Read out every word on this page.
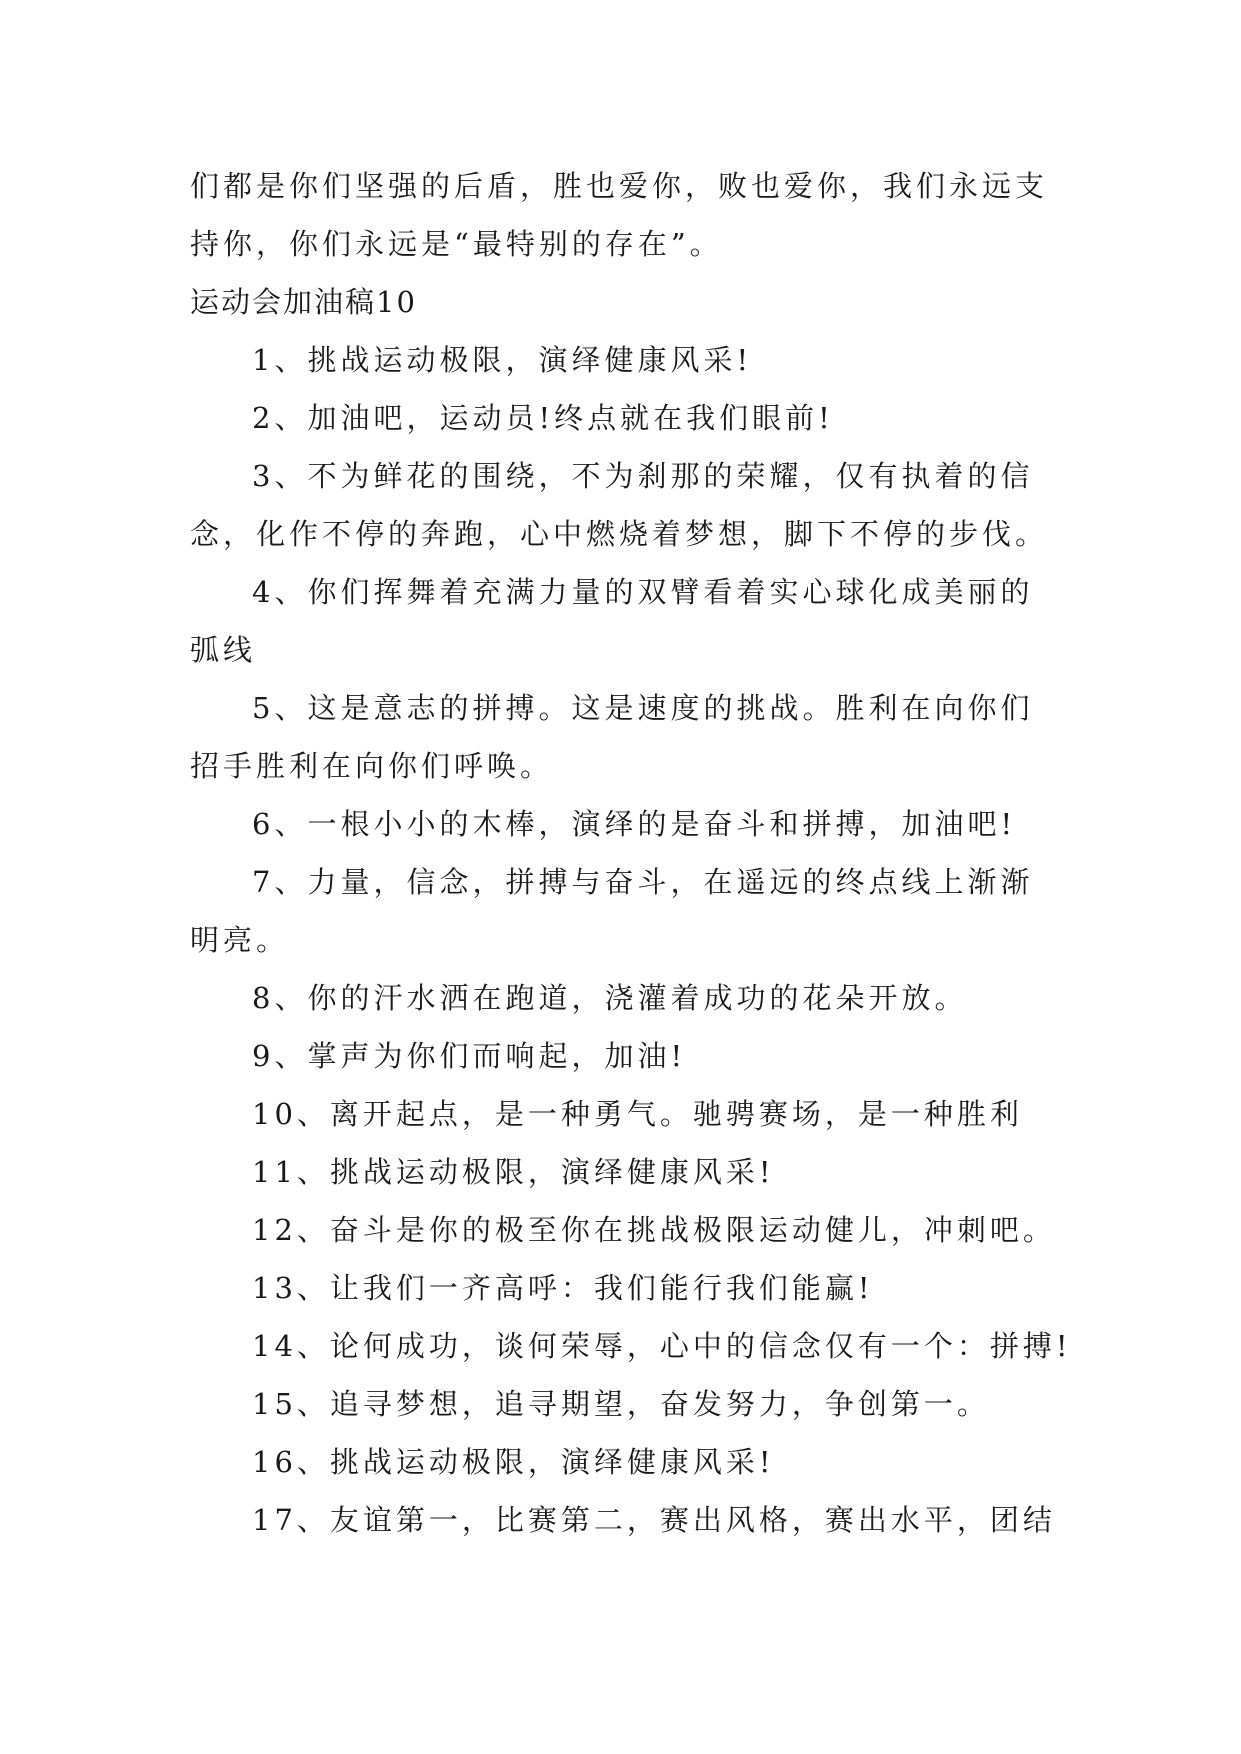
们都是你们坚强的后盾，胜也爱你，败也爱你，我们永远支
持你，你们永远是“最特别的存在”。
运动会加油稿10
1、挑战运动极限，演绎健康风采!
2、加油吧，运动员!终点就在我们眼前!
3、不为鲜花的围绕，不为刹那的荣耀，仅有执着的信
念，化作不停的奔跑，心中燃烧着梦想，脚下不停的步伐。
4、你们挥舞着充满力量的双臂看着实心球化成美丽的
弧线
5、这是意志的拼搏。这是速度的挑战。胜利在向你们
招手胜利在向你们呼唤。
6、一根小小的木棒，演绎的是奋斗和拼搏，加油吧!
7、力量，信念，拼搏与奋斗，在遥远的终点线上渐渐
明亮。
8、你的汗水洒在跑道，浇灌着成功的花朵开放。
9、掌声为你们而响起，加油!
10、离开起点，是一种勇气。驰骋赛场，是一种胜利
11、挑战运动极限，演绎健康风采!
12、奋斗是你的极至你在挑战极限运动健儿，冲刺吧。
13、让我们一齐高呼：我们能行我们能赢!
14、论何成功，谈何荣辱，心中的信念仅有一个：拼搏!
15、追寻梦想，追寻期望，奋发努力，争创第一。
16、挑战运动极限，演绎健康风采!
17、友谊第一，比赛第二，赛出风格，赛出水平，团结
